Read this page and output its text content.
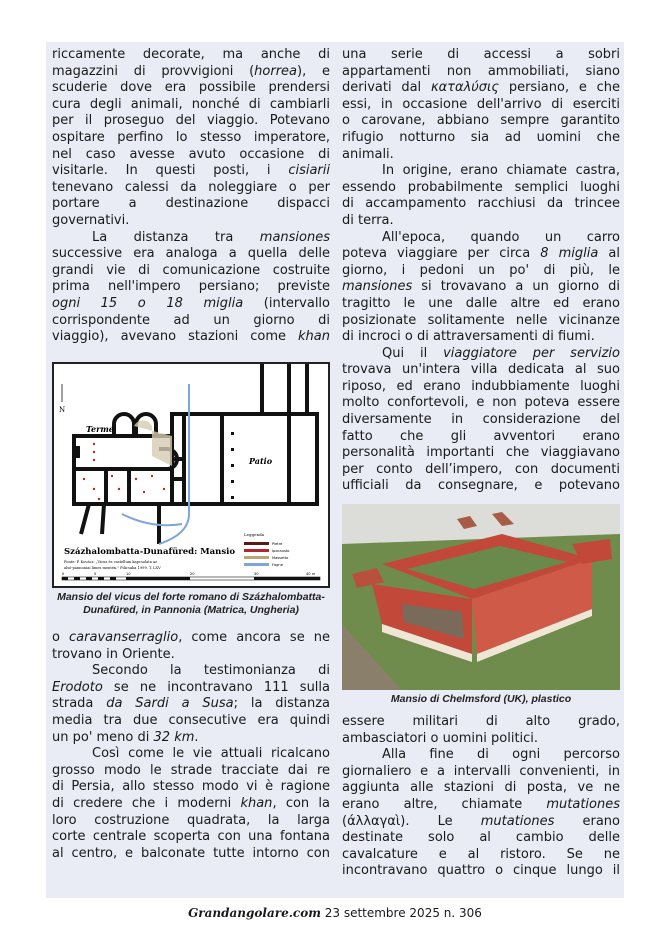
riccamente decorate, ma anche di
magazzini di provvigioni (horrea), e
scuderie dove era possibile prendersi
cura degli animali, nonché di cambiarli
per il proseguo del viaggio. Potevano
ospitare perfino lo stesso imperatore,
nel caso avesse avuto occasione di
visitarle. In questi posti, i cisiarii
tenevano calessi da noleggiare o per
portare a destinazione dispacci
governativi.
La distanza tra mansiones
successive era analoga a quella delle
grandi vie di comunicazione costruite
prima nell'impero persiano; previste
ogni 15 o 18 miglia (intervallo
corrispondente ad un giorno di
viaggio), avevano stazioni come khan
Terme
Patio
N
Százhalombatta-Dunafüred: Mansio
Fonte: P. Kovács: „Vicus és castellum kapcsolata az
alsó-pannoniai limes mentén." Pilicsaba 1999. T. LXV
Leggenda
Pietre
Ipocausto
Massetto
Fogne
0	5	10	20	30	40 m
Mansio del vicus del forte romano di Százhalombatta-
Dunafüred, in Pannonia (Matrica, Ungheria)
o caravanserraglio, come ancora se ne
trovano in Oriente.
Secondo la testimonianza di
Erodoto se ne incontravano 111 sulla
strada da Sardi a Susa; la distanza
media tra due consecutive era quindi
un po' meno di 32 km.
Così come le vie attuali ricalcano
grosso modo le strade tracciate dai re
di Persia, allo stesso modo vi è ragione
di credere che i moderni khan, con la
loro costruzione quadrata, la larga
corte centrale scoperta con una fontana
al centro, e balconate tutte intorno con
una serie di accessi a sobri
appartamenti non ammobiliati, siano
derivati dal καταλύσις persiano, e che
essi, in occasione dell'arrivo di eserciti
o carovane, abbiano sempre garantito
rifugio notturno sia ad uomini che
animali.
In origine, erano chiamate castra,
essendo probabilmente semplici luoghi
di accampamento racchiusi da trincee
di terra.
All'epoca, quando un carro
poteva viaggiare per circa 8 miglia al
giorno, i pedoni un po' di più, le
mansiones si trovavano a un giorno di
tragitto le une dalle altre ed erano
posizionate solitamente nelle vicinanze
di incroci o di attraversamenti di fiumi.
Qui il viaggiatore per servizio
trovava un'intera villa dedicata al suo
riposo, ed erano indubbiamente luoghi
molto confortevoli, e non poteva essere
diversamente in considerazione del
fatto che gli avventori erano
personalità importanti che viaggiavano
per conto dell’impero, con documenti
ufficiali da consegnare, e potevano
Mansio di Chelmsford (UK), plastico
essere militari di alto grado,
ambasciatori o uomini politici.
Alla fine di ogni percorso
giornaliero e a intervalli convenienti, in
aggiunta alle stazioni di posta, ve ne
erano altre, chiamate mutationes
(άλλαγαὶ). Le mutationes erano
destinate solo al cambio delle
cavalcature e al ristoro. Se ne
incontravano quattro o cinque lungo il
Grandangolare.com 23 settembre 2025 n. 306
